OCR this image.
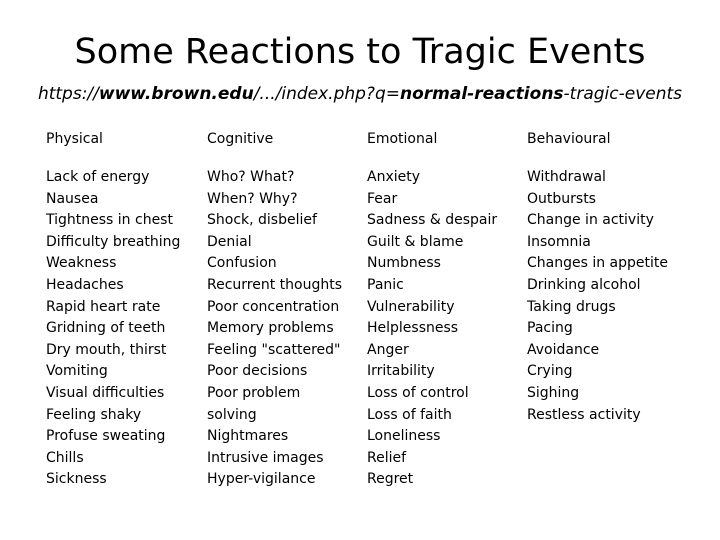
Some Reactions to Tragic Events
https://www.brown.edu/.../index.php?q=normal-reactions-tragic-events
Physical
Lack of energy
Nausea
Tightness in chest
Difficulty breathing
Weakness
Headaches
Rapid heart rate
Gridning of teeth
Dry mouth, thirst
Vomiting
Visual difficulties
Feeling shaky
Profuse sweating
Chills
Sickness
Cognitive
Who? What?
When? Why?
Shock, disbelief
Denial
Confusion
Recurrent thoughts
Poor concentration
Memory problems
Feeling "scattered"
Poor decisions
Poor problem
solving
Nightmares
Intrusive images
Hyper-vigilance
Emotional
Anxiety
Fear
Sadness & despair
Guilt & blame
Numbness
Panic
Vulnerability
Helplessness
Anger
Irritability
Loss of control
Loss of faith
Loneliness
Relief
Regret
Behavioural
Withdrawal
Outbursts
Change in activity
Insomnia
Changes in appetite
Drinking alcohol
Taking drugs
Pacing
Avoidance
Crying
Sighing
Restless activity
